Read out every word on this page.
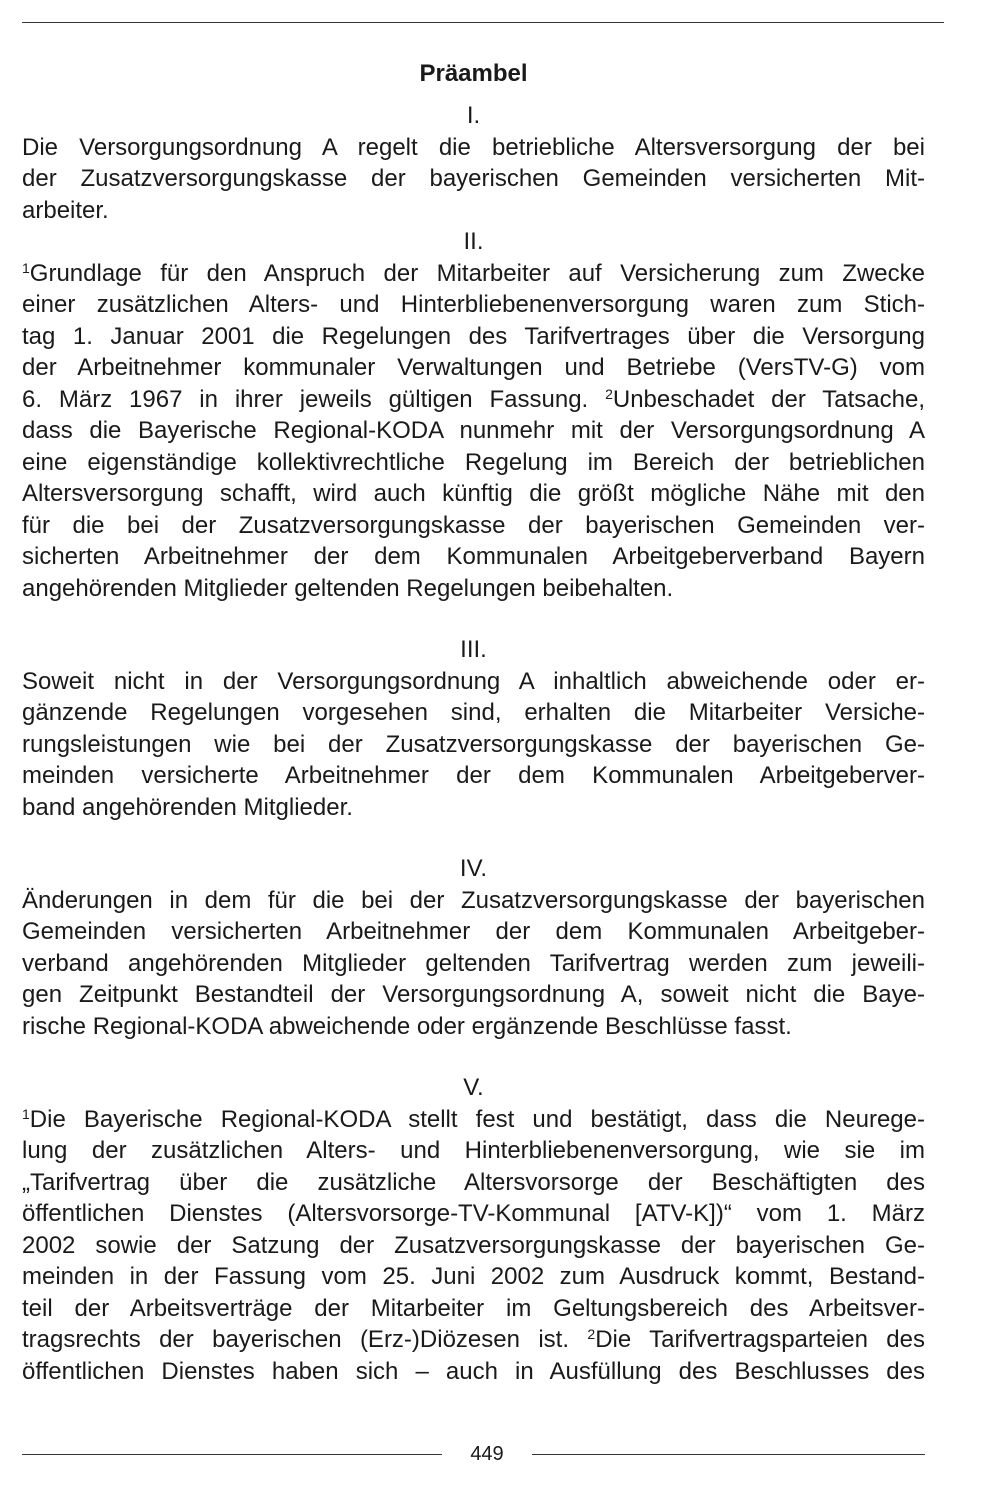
Präambel
I.
Die Versorgungsordnung A regelt die betriebliche Altersversorgung der bei
der Zusatzversorgungskasse der bayerischen Gemeinden versicherten Mit-
arbeiter.
II.
$^1$Grundlage für den Anspruch der Mitarbeiter auf Versicherung zum Zwecke
einer zusätzlichen Alters- und Hinterbliebenenversorgung waren zum Stich-
tag 1. Januar 2001 die Regelungen des Tarifvertrages über die Versorgung
der Arbeitnehmer kommunaler Verwaltungen und Betriebe (VersTV-G) vom
6. März 1967 in ihrer jeweils gültigen Fassung. $^2$Unbeschadet der Tatsache,
dass die Bayerische Regional-KODA nunmehr mit der Versorgungsordnung A
eine eigenständige kollektivrechtliche Regelung im Bereich der betrieblichen
Altersversorgung schafft, wird auch künftig die größt mögliche Nähe mit den
für die bei der Zusatzversorgungskasse der bayerischen Gemeinden ver-
sicherten Arbeitnehmer der dem Kommunalen Arbeitgeberverband Bayern
angehörenden Mitglieder geltenden Regelungen beibehalten.
III.
Soweit nicht in der Versorgungsordnung A inhaltlich abweichende oder er-
gänzende Regelungen vorgesehen sind, erhalten die Mitarbeiter Versiche-
rungsleistungen wie bei der Zusatzversorgungskasse der bayerischen Ge-
meinden versicherte Arbeitnehmer der dem Kommunalen Arbeitgeberver-
band angehörenden Mitglieder.
IV.
Änderungen in dem für die bei der Zusatzversorgungskasse der bayerischen
Gemeinden versicherten Arbeitnehmer der dem Kommunalen Arbeitgeber-
verband angehörenden Mitglieder geltenden Tarifvertrag werden zum jeweili-
gen Zeitpunkt Bestandteil der Versorgungsordnung A, soweit nicht die Baye-
rische Regional-KODA abweichende oder ergänzende Beschlüsse fasst.
V.
$^1$Die Bayerische Regional-KODA stellt fest und bestätigt, dass die Neurege-
lung der zusätzlichen Alters- und Hinterbliebenenversorgung, wie sie im
„Tarifvertrag über die zusätzliche Altersvorsorge der Beschäftigten des
öffentlichen Dienstes (Altersvorsorge-TV-Kommunal [ATV-K])“ vom 1. März
2002 sowie der Satzung der Zusatzversorgungskasse der bayerischen Ge-
meinden in der Fassung vom 25. Juni 2002 zum Ausdruck kommt, Bestand-
teil der Arbeitsverträge der Mitarbeiter im Geltungsbereich des Arbeitsver-
tragsrechts der bayerischen (Erz-)Diözesen ist. $^2$Die Tarifvertragsparteien des
öffentlichen Dienstes haben sich – auch in Ausfüllung des Beschlusses des
449
